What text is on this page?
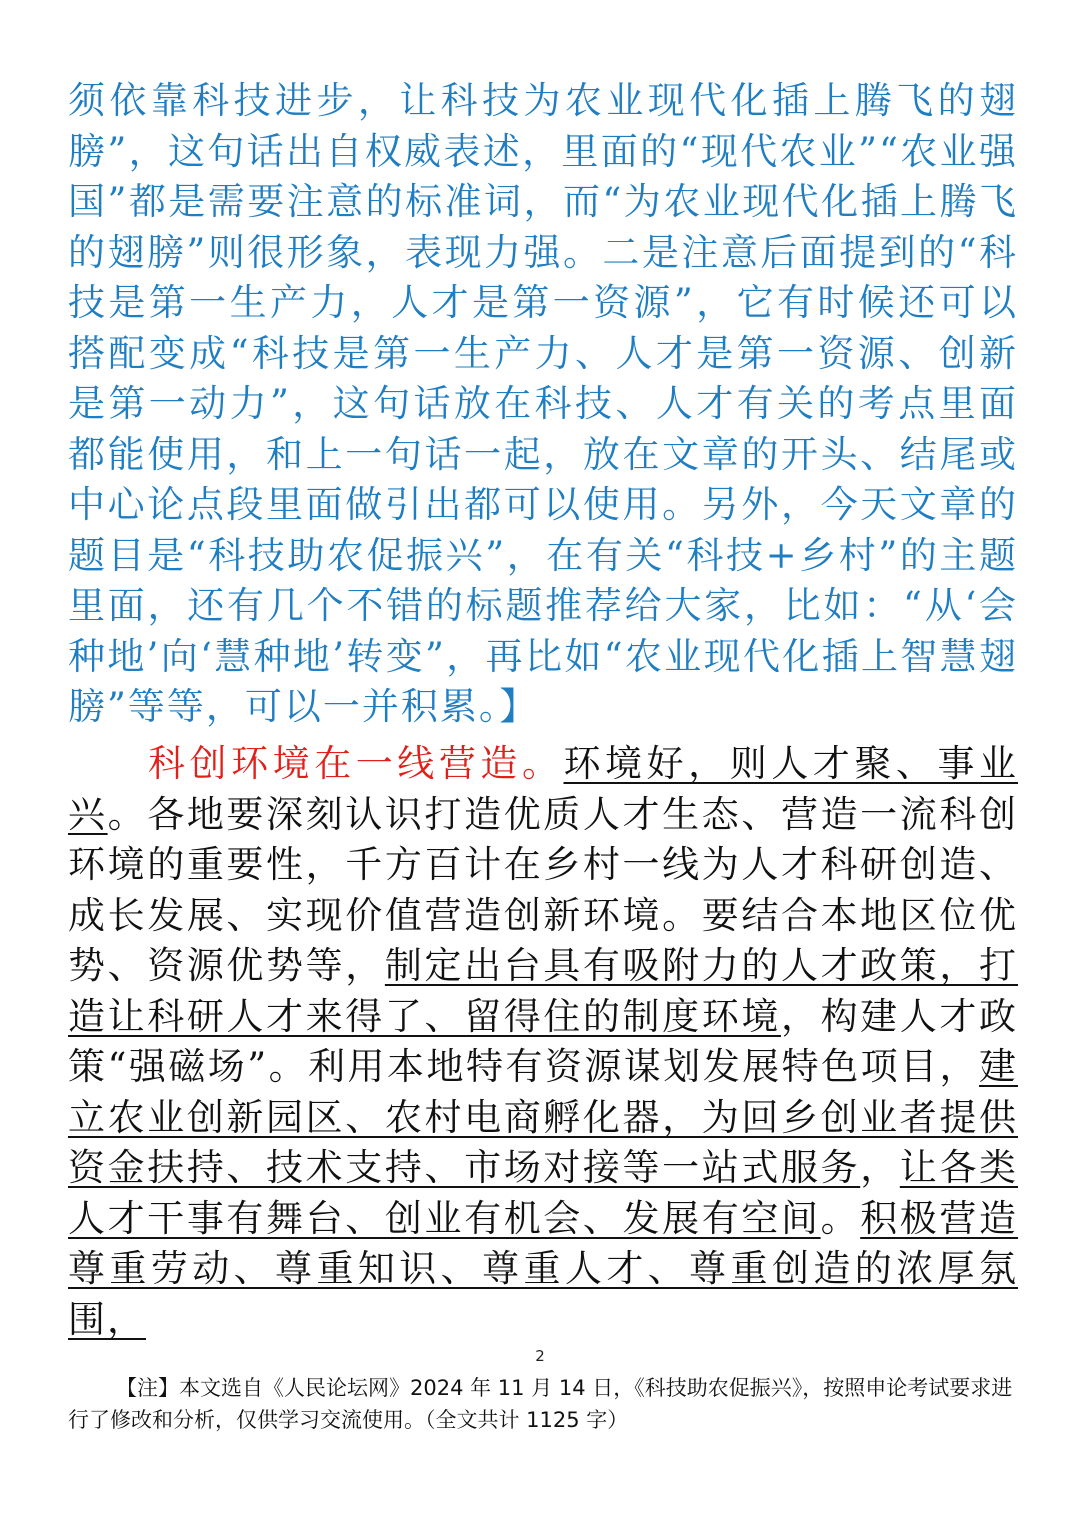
须依靠科技进步，让科技为农业现代化插上腾飞的翅膀”，这句话出自权威表述，里面的“现代农业”“农业强国”都是需要注意的标准词，而“为农业现代化插上腾飞的翅膀”则很形象，表现力强。二是注意后面提到的“科技是第一生产力，人才是第一资源”，它有时候还可以搭配变成“科技是第一生产力、人才是第一资源、创新是第一动力”，这句话放在科技、人才有关的考点里面都能使用，和上一句话一起，放在文章的开头、结尾或中心论点段里面做引出都可以使用。另外，今天文章的题目是“科技助农促振兴”，在有关“科技+乡村”的主题里面，还有几个不错的标题推荐给大家，比如：“从‘会种地’向‘慧种地’转变”，再比如“农业现代化插上智慧翅膀”等等，可以一并积累。】

科创环境在一线营造。环境好，则人才聚、事业兴。各地要深刻认识打造优质人才生态、营造一流科创环境的重要性，千方百计在乡村一线为人才科研创造、成长发展、实现价值营造创新环境。要结合本地区位优势、资源优势等，制定出台具有吸附力的人才政策，打造让科研人才来得了、留得住的制度环境，构建人才政策“强磁场”。利用本地特有资源谋划发展特色项目，建立农业创新园区、农村电商孵化器，为回乡创业者提供资金扶持、技术支持、市场对接等一站式服务，让各类人才干事有舞台、创业有机会、发展有空间。积极营造尊重劳动、尊重知识、尊重人才、尊重创造的浓厚氛围，

2

【注】本文选自《人民论坛网》2024 年 11 月 14 日，《科技助农促振兴》，按照申论考试要求进行了修改和分析，仅供学习交流使用。（全文共计 1125 字）
